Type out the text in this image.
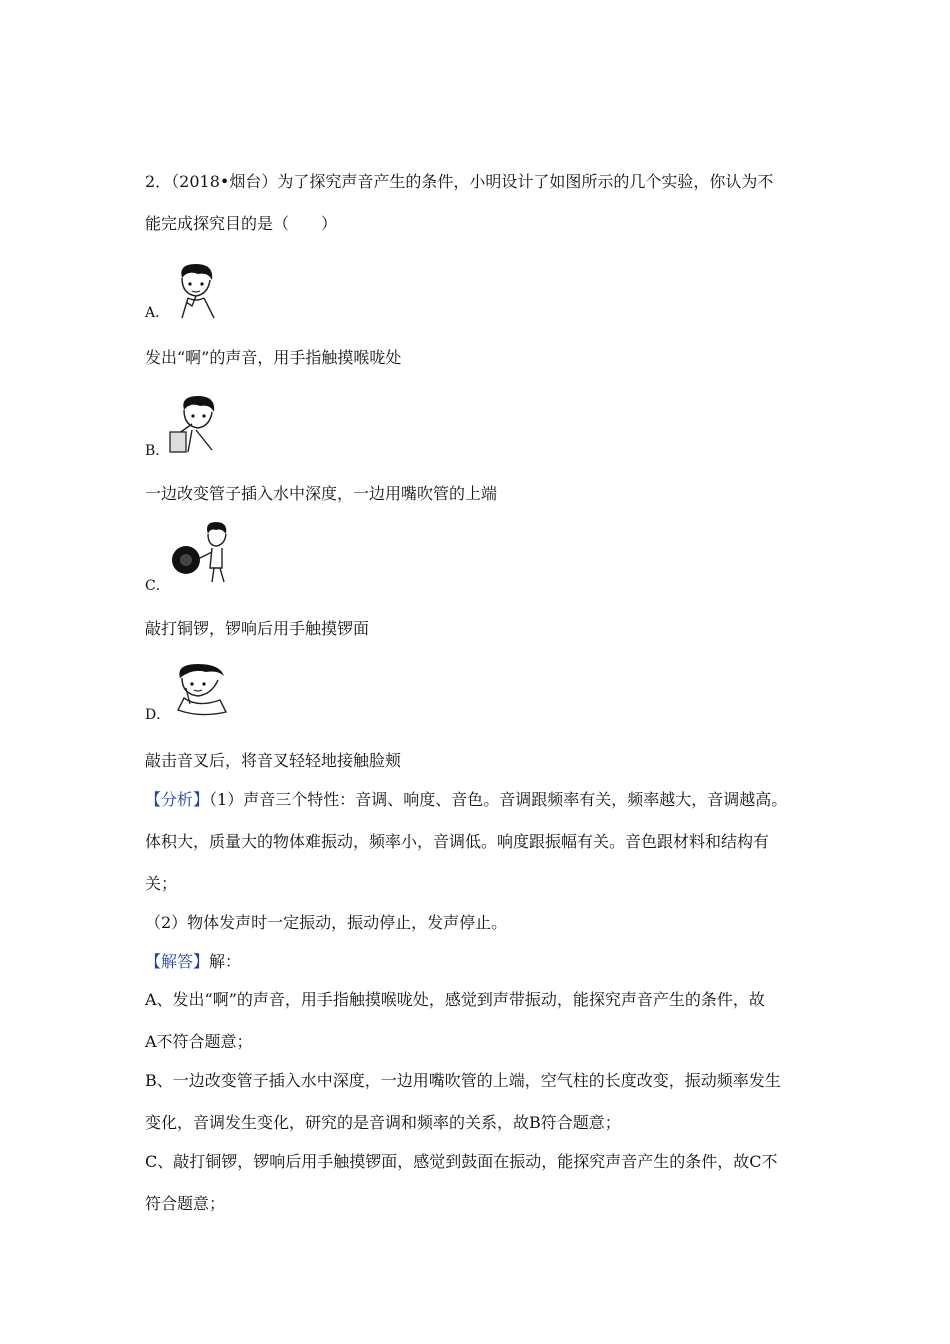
2．（2018•烟台）为了探究声音产生的条件，小明设计了如图所示的几个实验，你认为不
能完成探究目的是（　　）
A．
发出“啊”的声音，用手指触摸喉咙处
B．
一边改变管子插入水中深度，一边用嘴吹管的上端
C．
敲打铜锣，锣响后用手触摸锣面
D．
敲击音叉后，将音叉轻轻地接触脸颊
【分析】（1）声音三个特性：音调、响度、音色。音调跟频率有关，频率越大，音调越高。
体积大，质量大的物体难振动，频率小，音调低。响度跟振幅有关。音色跟材料和结构有
关；
（2）物体发声时一定振动，振动停止，发声停止。
【解答】解：
A、发出“啊”的声音，用手指触摸喉咙处，感觉到声带振动，能探究声音产生的条件，故
A不符合题意；
B、一边改变管子插入水中深度，一边用嘴吹管的上端，空气柱的长度改变，振动频率发生
变化，音调发生变化，研究的是音调和频率的关系，故B符合题意；
C、敲打铜锣，锣响后用手触摸锣面，感觉到鼓面在振动，能探究声音产生的条件，故C不
符合题意；
